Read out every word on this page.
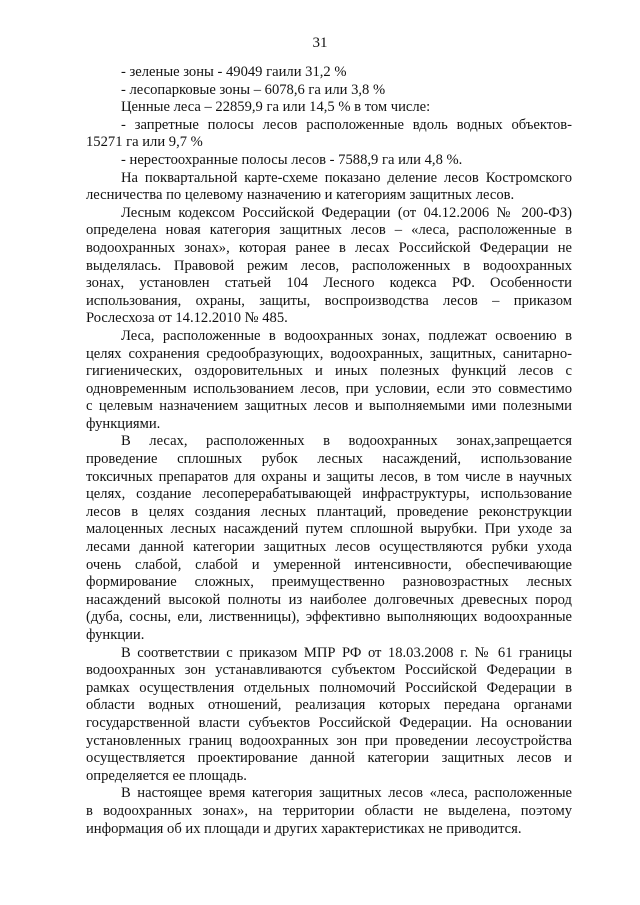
31
- зеленые зоны - 49049 гаили 31,2 %
- лесопарковые зоны – 6078,6 га или 3,8 %
Ценные леса – 22859,9 га или 14,5 % в том числе:
- запретные полосы лесов расположенные вдоль водных объектов-
15271 га или 9,7 %
- нерестоохранные полосы лесов - 7588,9 га или 4,8 %.
На поквартальной карте-схеме показано деление лесов Костромского
лесничества по целевому назначению и категориям защитных лесов.
Лесным кодексом Российской Федерации (от 04.12.2006 № 200-ФЗ)
определена новая категория защитных лесов – «леса, расположенные в
водоохранных зонах», которая ранее в лесах Российской Федерации не
выделялась. Правовой режим лесов, расположенных в водоохранных
зонах, установлен статьей 104 Лесного кодекса РФ. Особенности
использования, охраны, защиты, воспроизводства лесов – приказом
Рослесхоза от 14.12.2010 № 485.
Леса, расположенные в водоохранных зонах, подлежат освоению в
целях сохранения средообразующих, водоохранных, защитных, санитарно-
гигиенических, оздоровительных и иных полезных функций лесов с
одновременным использованием лесов, при условии, если это совместимо
с целевым назначением защитных лесов и выполняемыми ими полезными
функциями.
В лесах, расположенных в водоохранных зонах,запрещается
проведение сплошных рубок лесных насаждений, использование
токсичных препаратов для охраны и защиты лесов, в том числе в научных
целях, создание лесоперерабатывающей инфраструктуры, использование
лесов в целях создания лесных плантаций, проведение реконструкции
малоценных лесных насаждений путем сплошной вырубки. При уходе за
лесами данной категории защитных лесов осуществляются рубки ухода
очень слабой, слабой и умеренной интенсивности, обеспечивающие
формирование сложных, преимущественно разновозрастных лесных
насаждений высокой полноты из наиболее долговечных древесных пород
(дуба, сосны, ели, лиственницы), эффективно выполняющих водоохранные
функции.
В соответствии с приказом МПР РФ от 18.03.2008 г. № 61 границы
водоохранных зон устанавливаются субъектом Российской Федерации в
рамках осуществления отдельных полномочий Российской Федерации в
области водных отношений, реализация которых передана органами
государственной власти субъектов Российской Федерации. На основании
установленных границ водоохранных зон при проведении лесоустройства
осуществляется проектирование данной категории защитных лесов и
определяется ее площадь.
В настоящее время категория защитных лесов «леса, расположенные
в водоохранных зонах», на территории области не выделена, поэтому
информация об их площади и других характеристиках не приводится.
